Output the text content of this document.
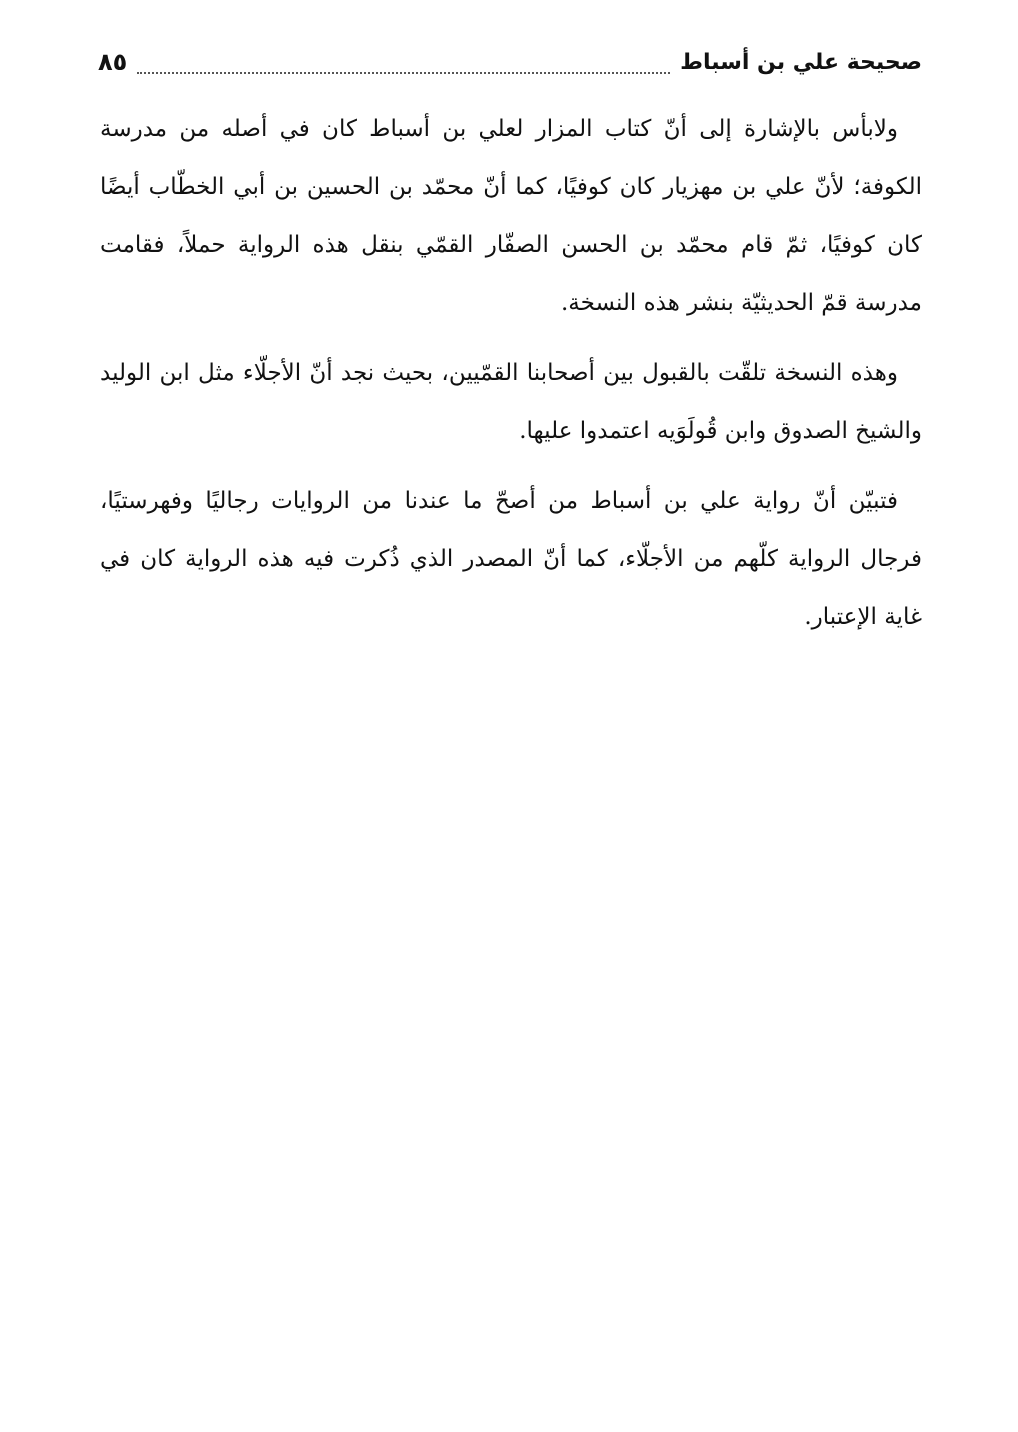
صحيحة علي بن أسباط
٨٥

ولابأس بالإشارة إلى أنّ كتاب المزار لعلي بن أسباط كان في أصله من مدرسة الكوفة؛ لأنّ علي بن مهزيار كان كوفيًا، كما أنّ محمّد بن الحسين بن أبي الخطّاب أيضًا كان كوفيًا، ثمّ قام محمّد بن الحسن الصفّار القمّي بنقل هذه الرواية حملاً، فقامت مدرسة قمّ الحديثيّة بنشر هذه النسخة.

وهذه النسخة تلقّت بالقبول بين أصحابنا القمّيين، بحيث نجد أنّ الأجلّاء مثل ابن الوليد والشيخ الصدوق وابن قُولَوَيه اعتمدوا عليها.

فتبيّن أنّ رواية علي بن أسباط من أصحّ ما عندنا من الروايات رجاليًا وفهرستيًا، فرجال الرواية كلّهم من الأجلّاء، كما أنّ المصدر الذي ذُكرت فيه هذه الرواية كان في غاية الإعتبار.
